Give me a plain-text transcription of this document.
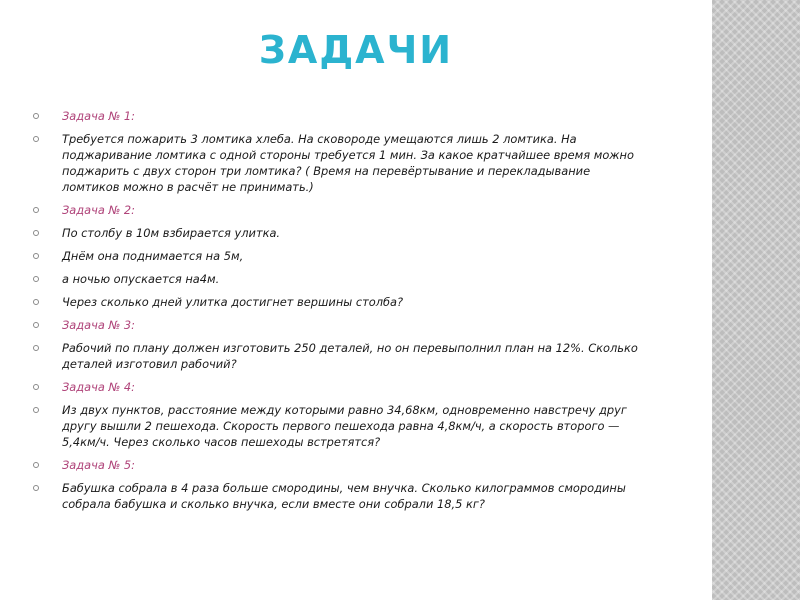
ЗАДАЧИ
Задача № 1:
Требуется пожарить 3 ломтика хлеба. На сковороде умещаются лишь 2 ломтика. На поджаривание ломтика с одной стороны требуется 1 мин. За какое кратчайшее время можно поджарить с двух сторон три ломтика? ( Время на перевёртывание и перекладывание ломтиков можно в расчёт не принимать.)
Задача № 2:
По столбу в 10м взбирается улитка.
Днём она поднимается на 5м,
а ночью опускается на4м.
Через сколько дней улитка достигнет вершины столба?
Задача № 3:
Рабочий по плану должен изготовить 250 деталей, но он перевыполнил план на 12%. Сколько деталей изготовил рабочий?
Задача № 4:
Из двух пунктов, расстояние между которыми равно 34,68км, одновременно навстречу друг другу вышли 2 пешехода. Скорость первого пешехода равна 4,8км/ч, а скорость второго — 5,4км/ч. Через сколько часов пешеходы встретятся?
Задача № 5:
Бабушка собрала в 4 раза больше смородины, чем внучка. Сколько килограммов смородины собрала бабушка и сколько внучка, если вместе они собрали 18,5 кг?
